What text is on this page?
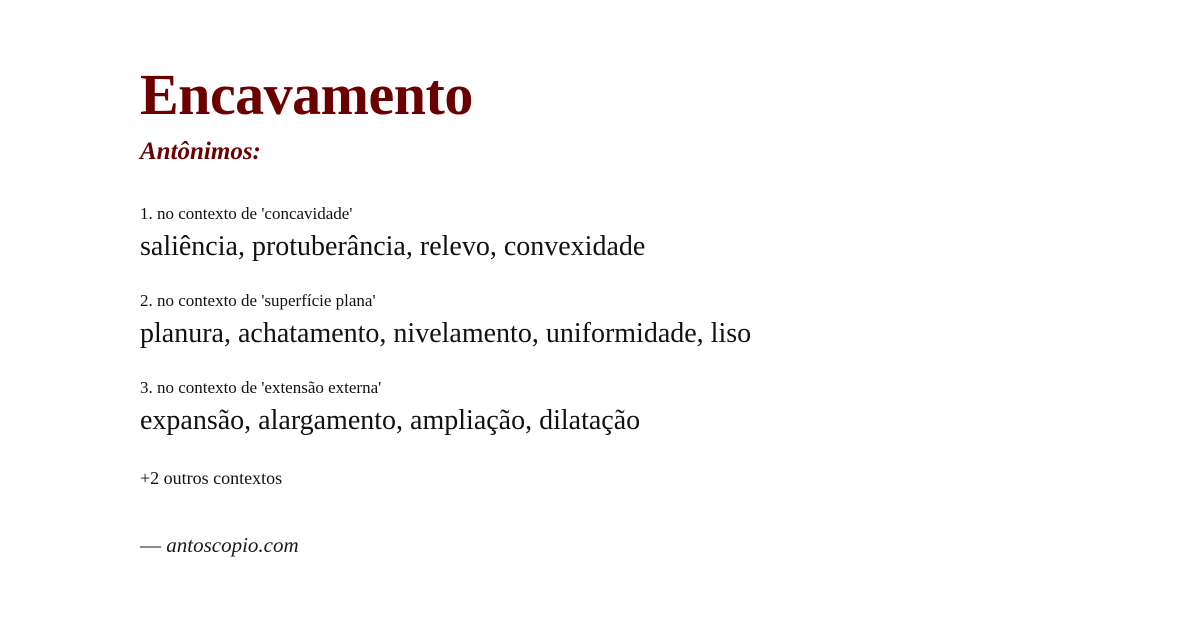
Encavamento
Antônimos:
1. no contexto de 'concavidade'
saliência, protuberância, relevo, convexidade
2. no contexto de 'superfície plana'
planura, achatamento, nivelamento, uniformidade, liso
3. no contexto de 'extensão externa'
expansão, alargamento, ampliação, dilatação
+2 outros contextos
— antoscopio.com
